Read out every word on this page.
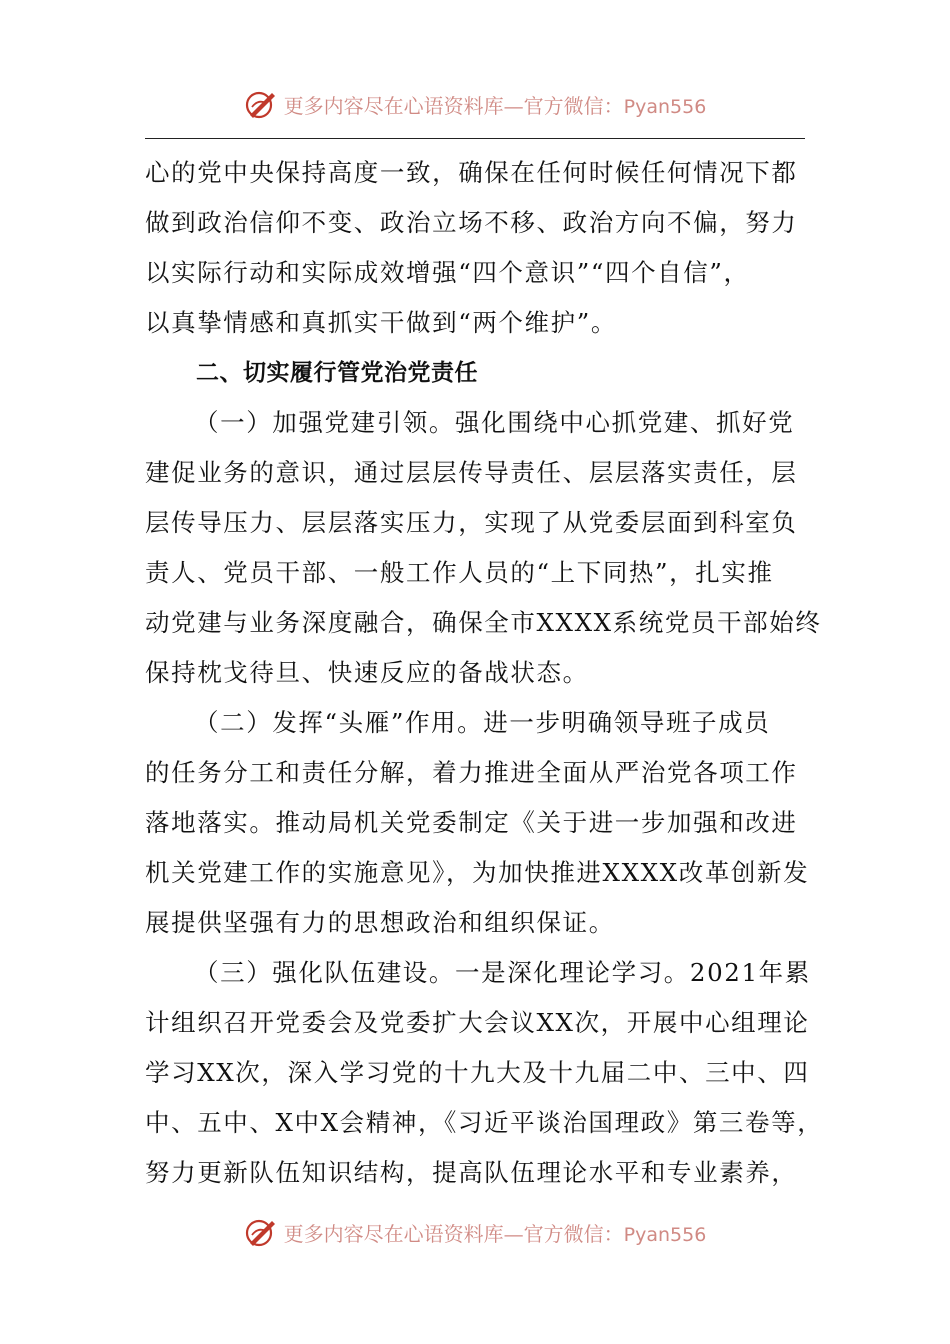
更多内容尽在心语资料库—官方微信：Pyan556
心的党中央保持高度一致，确保在任何时候任何情况下都
做到政治信仰不变、政治立场不移、政治方向不偏，努力
以实际行动和实际成效增强“四个意识”“四个自信”，
以真挚情感和真抓实干做到“两个维护”。
二、切实履行管党治党责任
（一）加强党建引领。强化围绕中心抓党建、抓好党
建促业务的意识，通过层层传导责任、层层落实责任，层
层传导压力、层层落实压力，实现了从党委层面到科室负
责人、党员干部、一般工作人员的“上下同热”，扎实推
动党建与业务深度融合，确保全市XXXX系统党员干部始终
保持枕戈待旦、快速反应的备战状态。
（二）发挥“头雁”作用。进一步明确领导班子成员
的任务分工和责任分解，着力推进全面从严治党各项工作
落地落实。推动局机关党委制定《关于进一步加强和改进
机关党建工作的实施意见》，为加快推进XXXX改革创新发
展提供坚强有力的思想政治和组织保证。
（三）强化队伍建设。一是深化理论学习。2021年累
计组织召开党委会及党委扩大会议XX次，开展中心组理论
学习XX次，深入学习党的十九大及十九届二中、三中、四
中、五中、X中X会精神，《习近平谈治国理政》第三卷等，
努力更新队伍知识结构，提高队伍理论水平和专业素养，
更多内容尽在心语资料库—官方微信：Pyan556
